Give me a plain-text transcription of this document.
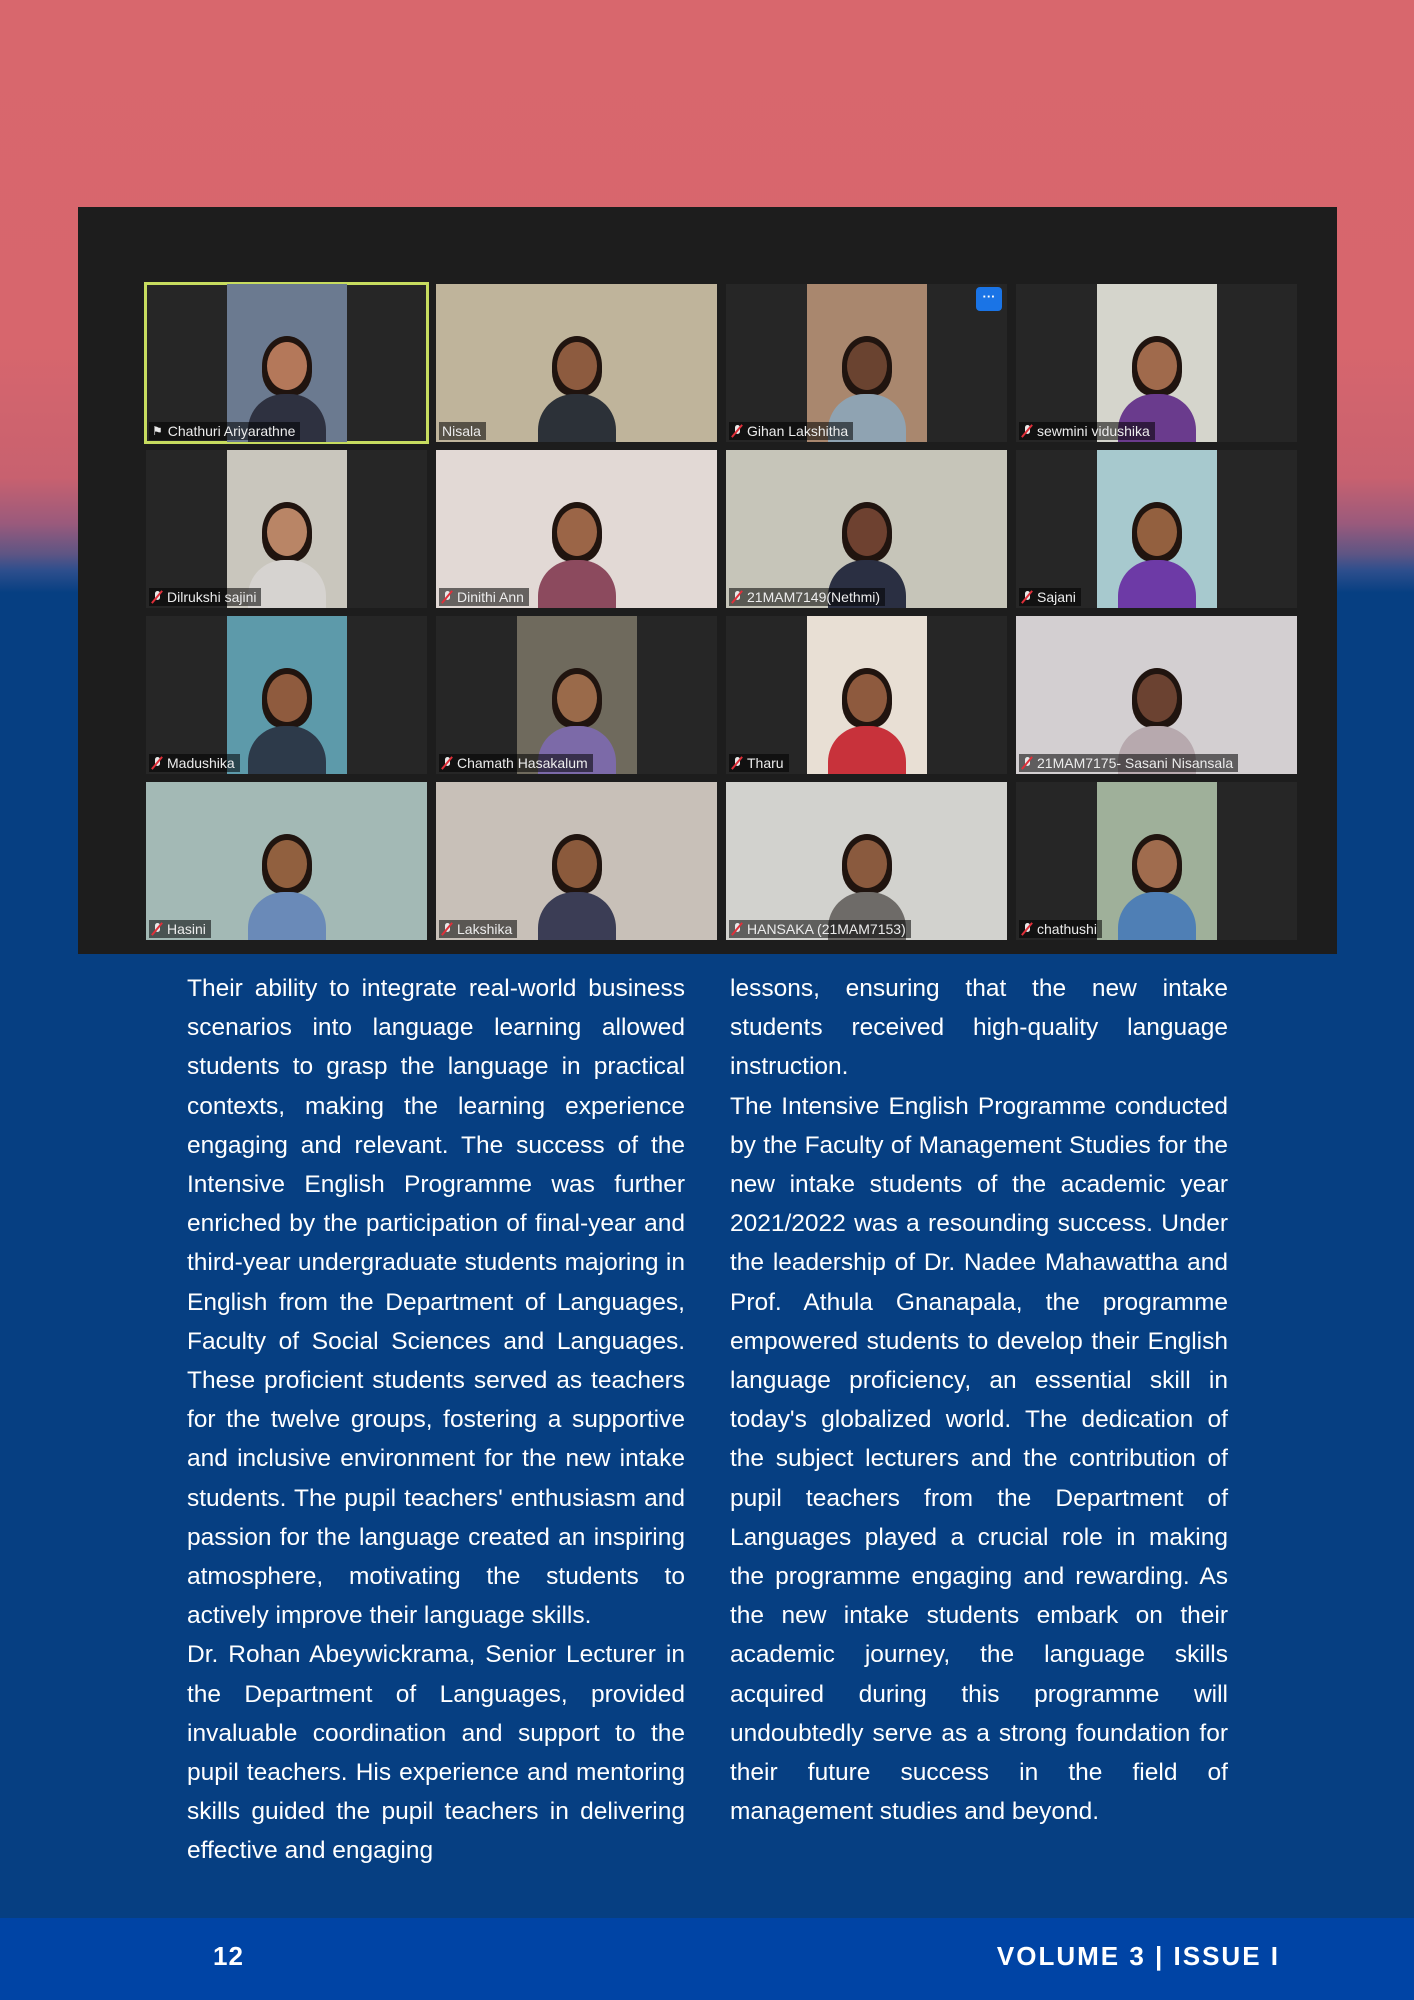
⚑ Chathuri Ariyarathne	Nisala
···
Gihan Lakshitha	sewmini vidushika
Dilrukshi sajini	Dinithi Ann	21MAM7149(Nethmi)	Sajani
Madushika	Chamath Hasakalum	Tharu	21MAM7175- Sasani Nisansala
Hasini	Lakshika	HANSAKA (21MAM7153)	chathushi

Their ability to integrate real-world business scenarios into language learning allowed students to grasp the language in practical contexts, making the learning experience engaging and relevant. The success of the Intensive English Programme was further enriched by the participation of final-year and third-year undergraduate students majoring in English from the Department of Languages, Faculty of Social Sciences and Languages. These proficient students served as teachers for the twelve groups, fostering a supportive and inclusive environment for the new intake students. The pupil teachers' enthusiasm and passion for the language created an inspiring atmosphere, motivating the students to actively improve their language skills.

Dr. Rohan Abeywickrama, Senior Lecturer in the Department of Languages, provided invaluable coordination and support to the pupil teachers. His experience and mentoring skills guided the pupil teachers in delivering effective and engaging

lessons, ensuring that the new intake students received high-quality language instruction.

The Intensive English Programme conducted by the Faculty of Management Studies for the new intake students of the academic year 2021/2022 was a resounding success. Under the leadership of Dr. Nadee Mahawattha and Prof. Athula Gnanapala, the programme empowered students to develop their English language proficiency, an essential skill in today's globalized world. The dedication of the subject lecturers and the contribution of pupil teachers from the Department of Languages played a crucial role in making the programme engaging and rewarding. As the new intake students embark on their academic journey, the language skills acquired during this programme will undoubtedly serve as a strong foundation for their future success in the field of management studies and beyond.

12	VOLUME 3 | ISSUE I
